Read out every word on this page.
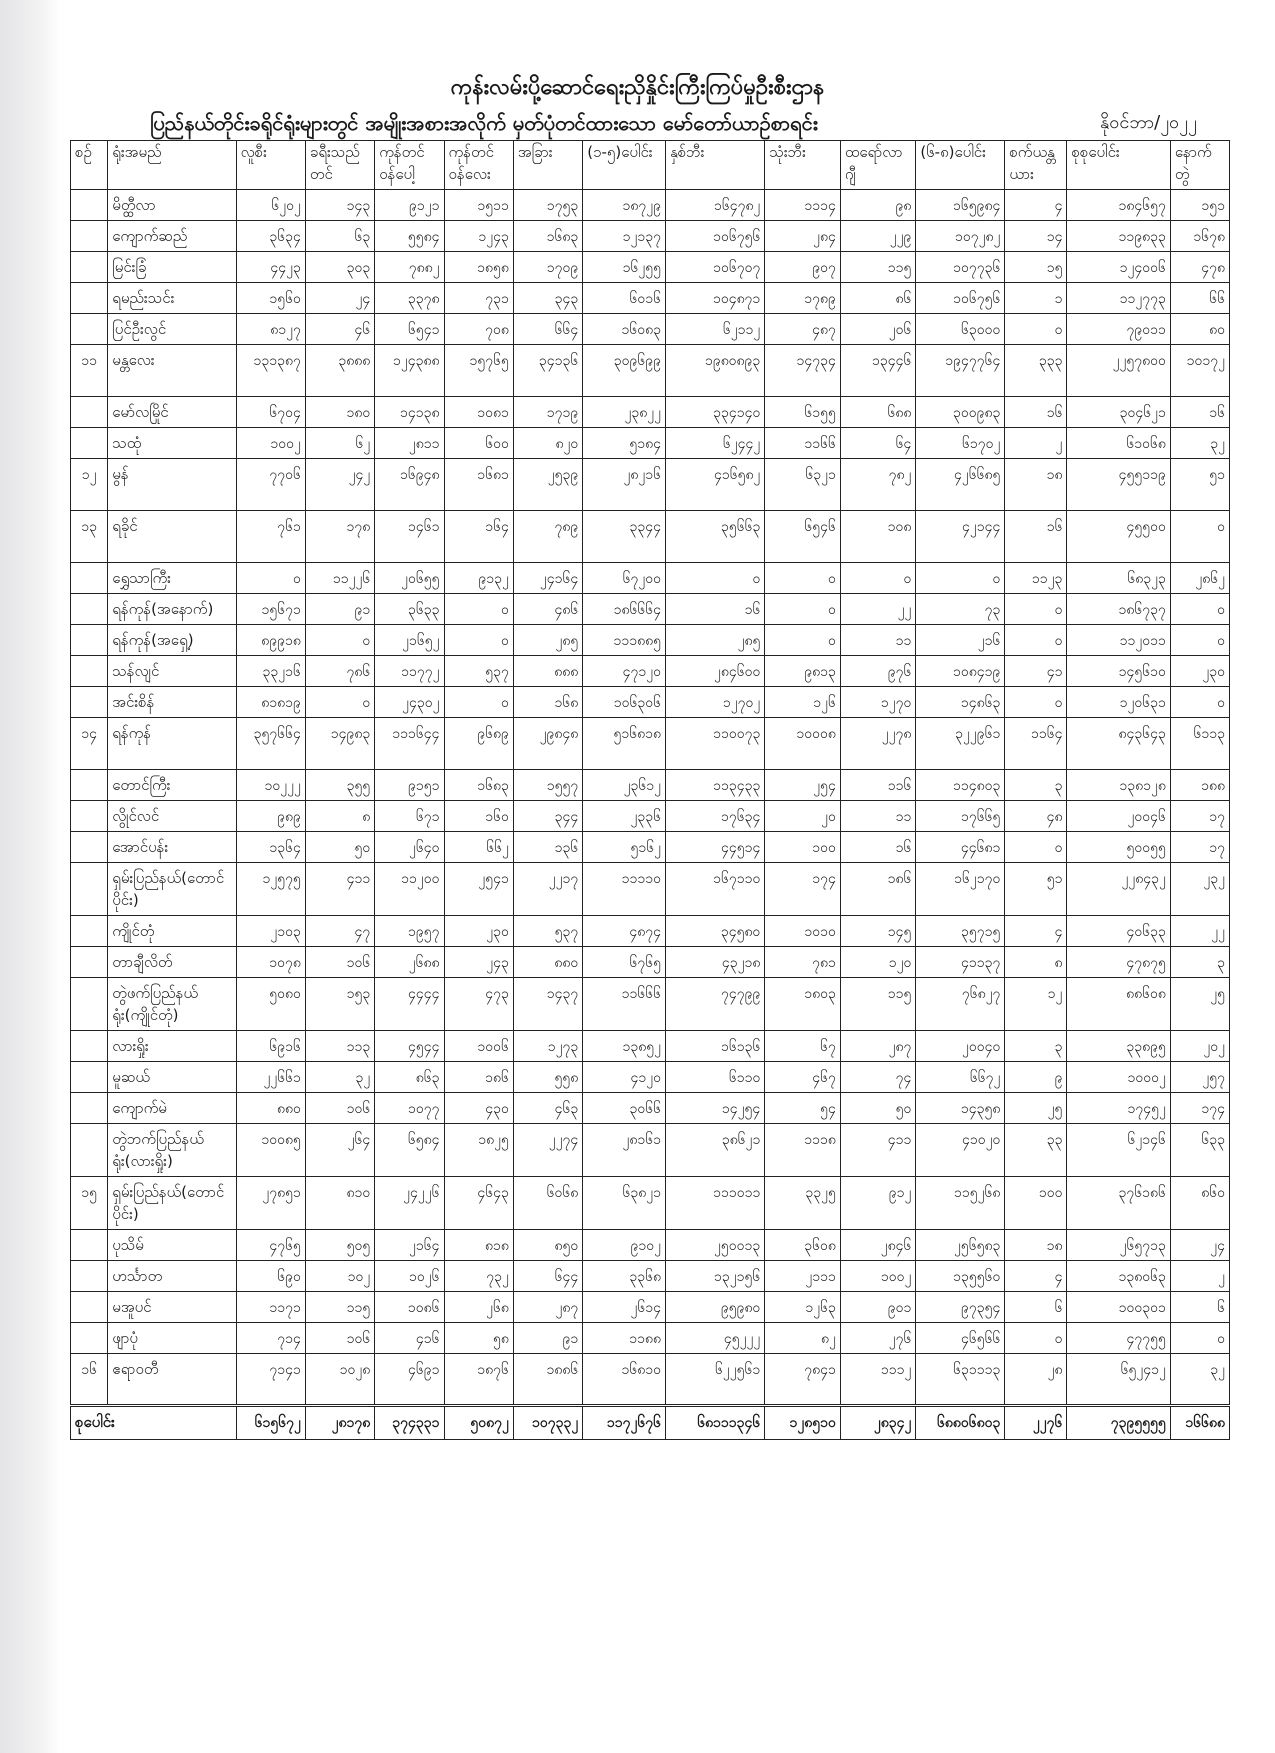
ကုန်းလမ်းပို့ဆောင်ရေးညှိနှိုင်းကြီးကြပ်မှုဦးစီးဌာန
ပြည်နယ်တိုင်းခရိုင်ရုံးများတွင် အမျိုးအစားအလိုက် မှတ်ပုံတင်ထားသော မော်တော်ယာဉ်စာရင်း	နိုဝင်ဘာ/၂၀၂၂
စဉ်	ရုံးအမည်	လူစီး	ခရီးသည်တင်	ကုန်တင်ဝန်ပေါ့	ကုန်တင်ဝန်လေး	အခြား	(၁-၅)ပေါင်း	နှစ်ဘီး	သုံးဘီး	ထရော်လာဂျီ	(၆-၈)ပေါင်း	စက်ယန္တယား	စုစုပေါင်း	နောက်တွဲ
	မိတ္ထီလာ	၆၂၀၂	၁၄၃	၉၁၂၁	၁၅၁၁	၁၇၅၃	၁၈၇၂၉	၁၆၄၇၈၂	၁၁၁၄	၉၈	၁၆၅၉၈၄	၄	၁၈၄၆၅၇	၁၅၁
	ကျောက်ဆည်	၃၆၃၄	၆၃	၅၅၈၄	၁၂၄၃	၁၆၈၃	၁၂၁၃၇	၁၀၆၇၅၆	၂၈၄	၂၂၉	၁၀၇၂၈၂	၁၄	၁၁၉၈၃၃	၁၆၇၈
	မြင်းခြံ	၄၄၂၃	၃၀၃	၇၈၈၂	၁၈၅၈	၁၇၀၉	၁၆၂၅၅	၁၀၆၇၀၇	၉၀၇	၁၁၅	၁၀၇၇၃၆	၁၅	၁၂၄၀၀၆	၄၇၈
	ရမည်းသင်း	၁၅၆၀	၂၄	၃၃၇၈	၇၃၁	၃၄၃	၆၀၁၆	၁၀၄၈၇၁	၁၇၈၉	၈၆	၁၀၆၇၅၆	၁	၁၁၂၇၇၃	၆၆
	ပြင်ဦးလွင်	၈၁၂၇	၄၆	၆၅၄၁	၇၀၈	၆၆၄	၁၆၀၈၃	၆၂၁၁၂	၄၈၇	၂၀၆	၆၃၀၀၀	၀	၇၉၀၁၁	၈၀
၁၁	မန္တလေး	၁၃၁၃၈၇	၃၈၈၈	၁၂၄၃၈၈	၁၅၇၆၅	၃၄၁၃၆	၃၀၉၆၉၉	၁၉၈၀၈၉၃	၁၄၇၃၄	၁၃၄၄၆	၁၉၄၇၇၆၄	၃၃၃	၂၂၅၇၈၀၀	၁၀၁၇၂
	မော်လမြိုင်	၆၇၀၄	၁၈၀	၁၄၁၃၈	၁၀၈၁	၁၇၁၉	၂၃၈၂၂	၃၃၄၁၄၀	၆၁၅၅	၆၈၈	၃၀၀၉၈၃	၁၆	၃၀၄၆၂၁	၁၆
	သထုံ	၁၀၀၂	၆၂	၂၈၁၁	၆၀၀	၈၂၀	၅၁၈၄	၆၂၄၄၂	၁၁၆၆	၆၄	၆၁၇၀၂	၂	၆၁၀၆၈	၃၂
၁၂	မွန်	၇၇၀၆	၂၄၂	၁၆၉၄၈	၁၆၈၁	၂၅၃၉	၂၈၂၁၆	၄၁၆၅၈၂	၆၃၂၁	၇၈၂	၄၂၆၆၈၅	၁၈	၄၅၅၁၁၉	၅၁
၁၃	ရခိုင်	၇၆၁	၁၇၈	၁၄၆၁	၁၆၄	၇၈၉	၃၃၄၄	၃၅၆၆၃	၆၅၄၆	၁၀၈	၄၂၁၄၄	၁၆	၄၅၅၀၀	၀
	ရွှေသာကြီး	၀	၁၁၂၂၆	၂၀၆၅၅	၉၁၃၂	၂၄၁၆၄	၆၇၂၀၀	၀	၀	၀	၀	၁၁၂၃	၆၈၃၂၃	၂၈၆၂
	ရန်ကုန်(အနောက်)	၁၅၆၇၁	၉၁	၃၆၃၃	၀	၄၈၆	၁၈၆၆၆၄	၁၆	၀	၂၂	၇၃	၀	၁၈၆၇၃၇	၀
	ရန်ကုန်(အရှေ့)	၈၉၉၁၈	၀	၂၁၆၅၂	၀	၂၈၅	၁၁၁၈၈၅	၂၈၅	၀	၁၁	၂၁၆	၀	၁၁၂၀၁၁	၀
	သန်လျင်	၃၃၂၁၆	၇၈၆	၁၁၇၇၂	၅၃၇	၈၈၈	၄၇၁၂၀	၂၈၄၆၀၀	၉၈၁၃	၉၇၆	၁၀၈၄၁၉	၄၁	၁၄၅၆၁၀	၂၃၀
	အင်းစိန်	၈၁၈၁၉	၀	၂၄၃၀၂	၀	၁၆၈	၁၀၆၃၀၆	၁၂၇၀၂	၁၂၆	၁၂၇၀	၁၄၈၆၃	၀	၁၂၀၆၃၁	၀
၁၄	ရန်ကုန်	၃၅၇၆၆၄	၁၄၉၈၃	၁၁၁၆၄၄	၉၆၈၉	၂၉၈၄၈	၅၁၆၈၁၈	၁၁၀၀၇၃	၁၀၀၀၈	၂၂၇၈	၃၂၂၉၆၁	၁၁၆၄	၈၄၃၆၄၃	၆၁၁၃
	တောင်ကြီး	၁၀၂၂၂	၃၅၅	၉၁၅၁	၁၆၈၃	၁၅၅၇	၂၃၆၁၂	၁၁၃၄၃၃	၂၅၄	၁၁၆	၁၁၄၈၀၃	၃	၁၃၈၁၂၈	၁၈၈
	လွိုင်လင်	၉၈၉	၈	၆၇၁	၁၆၀	၃၄၄	၂၃၃၆	၁၇၆၃၄	၂၀	၁၁	၁၇၆၆၅	၄၈	၂၀၀၄၆	၁၇
	အောင်ပန်း	၁၃၆၄	၅၀	၂၆၄၀	၆၆၂	၁၃၆	၅၁၆၂	၄၄၅၁၄	၁၀၀	၁၆	၄၄၆၈၁	၀	၅၀၀၅၅	၁၇
	ရှမ်းပြည်နယ်(တောင်ပိုင်း)	၁၂၅၇၅	၄၁၁	၁၁၂၀၀	၂၅၄၁	၂၂၁၇	၁၁၁၁၀	၁၆၇၁၁၀	၁၇၄	၁၈၆	၁၆၂၁၇၀	၅၁	၂၂၈၄၃၂	၂၃၂
	ကျိုင်တုံ	၂၁၀၃	၄၇	၁၉၅၇	၂၃၀	၅၃၇	၄၈၇၄	၃၄၅၈၀	၁၀၁၀	၁၄၅	၃၅၇၁၅	၄	၄၀၆၃၃	၂၂
	တာချီလိတ်	၁၀၇၈	၁၀၆	၂၆၈၈	၂၄၃	၈၈၀	၆၇၆၅	၄၃၂၁၈	၇၈၁	၁၂၀	၄၁၁၃၇	၈	၄၇၈၇၅	၃
	တွဲဖက်ပြည်နယ်ရုံး(ကျိုင်တုံ)	၅၀၈၀	၁၅၃	၄၄၄၄	၄၇၃	၁၄၃၇	၁၁၆၆၆	၇၄၇၉၉	၁၈၀၃	၁၁၅	၇၆၈၂၇	၁၂	၈၈၆၀၈	၂၅
	လားရှိုး	၆၉၁၆	၁၁၃	၄၅၄၄	၁၀၀၆	၁၂၇၃	၁၃၈၅၂	၁၆၁၃၆	၆၇	၂၈၇	၂၀၀၄၀	၃	၃၃၈၉၅	၂၀၂
	မူဆယ်	၂၂၆၆၁	၃၂	၈၆၃	၁၈၆	၅၅၈	၄၁၂၀	၆၁၁၀	၄၆၇	၇၄	၆၆၇၂	၉	၁၀၀၀၂	၂၅၇
	ကျောက်မဲ	၈၈၀	၁၀၆	၁၀၇၇	၄၃၀	၄၆၃	၃၀၆၆	၁၄၂၅၄	၅၄	၅၀	၁၄၃၅၈	၂၅	၁၇၄၅၂	၁၇၄
	တွဲဘက်ပြည်နယ်ရုံး(လားရှိုး)	၁၀၀၈၅	၂၆၄	၆၅၈၄	၁၈၂၅	၂၂၇၄	၂၈၁၆၁	၃၈၆၂၁	၁၁၁၈	၄၁၁	၄၁၀၂၀	၃၃	၆၂၁၄၆	၆၃၃
၁၅	ရှမ်းပြည်နယ်(တောင်ပိုင်း)	၂၇၈၅၁	၈၁၀	၂၄၂၂၆	၄၆၄၃	၆၀၆၈	၆၃၈၂၁	၁၁၁၀၁၁	၃၃၂၅	၉၁၂	၁၁၅၂၆၈	၁၀၀	၃၇၆၁၈၆	၈၆၀
	ပုသိမ်	၄၇၆၅	၅၀၅	၂၁၆၄	၈၁၈	၈၅၀	၉၁၀၂	၂၅၀၀၁၃	၃၆၀၈	၂၈၄၆	၂၅၆၅၈၃	၁၈	၂၆၅၇၁၃	၂၄
	ဟင်္သာတ	၆၉၀	၁၀၂	၁၀၂၆	၇၃၂	၆၄၄	၃၃၆၈	၁၃၂၁၅၆	၂၁၁၁	၁၀၀၂	၁၃၅၅၆၀	၄	၁၃၈၀၆၃	၂
	မအူပင်	၁၁၇၁	၁၁၅	၁၀၈၆	၂၆၈	၂၈၇	၂၆၁၄	၉၅၉၈၀	၁၂၆၃	၉၀၁	၉၇၃၅၄	၆	၁၀၀၃၀၁	၆
	ဖျာပုံ	၇၁၄	၁၀၆	၄၁၆	၅၈	၉၁	၁၁၈၈	၄၅၂၂၂	၈၂	၂၇၆	၄၆၅၆၆	၀	၄၇၇၅၅	၀
၁၆	ဧရာဝတီ	၇၁၄၁	၁၀၂၈	၄၆၉၁	၁၈၇၆	၁၈၈၆	၁၆၈၁၀	၆၂၂၅၆၁	၇၈၄၁	၁၁၁၂	၆၃၁၁၁၃	၂၈	၆၅၂၄၁၂	၃၂
စုပေါင်း		၆၁၅၆၇၂	၂၈၁၇၈	၃၇၄၃၃၁	၅၀၈၇၂	၁၀၇၃၃၂	၁၁၇၂၆၇၆	၆၈၁၁၁၃၄၆	၁၂၈၅၁၀	၂၈၃၄၂	၆၈၈၀၆၈၀၃	၂၂၇၆	၇၃၉၅၅၅၅	၁၆၆၈၈
